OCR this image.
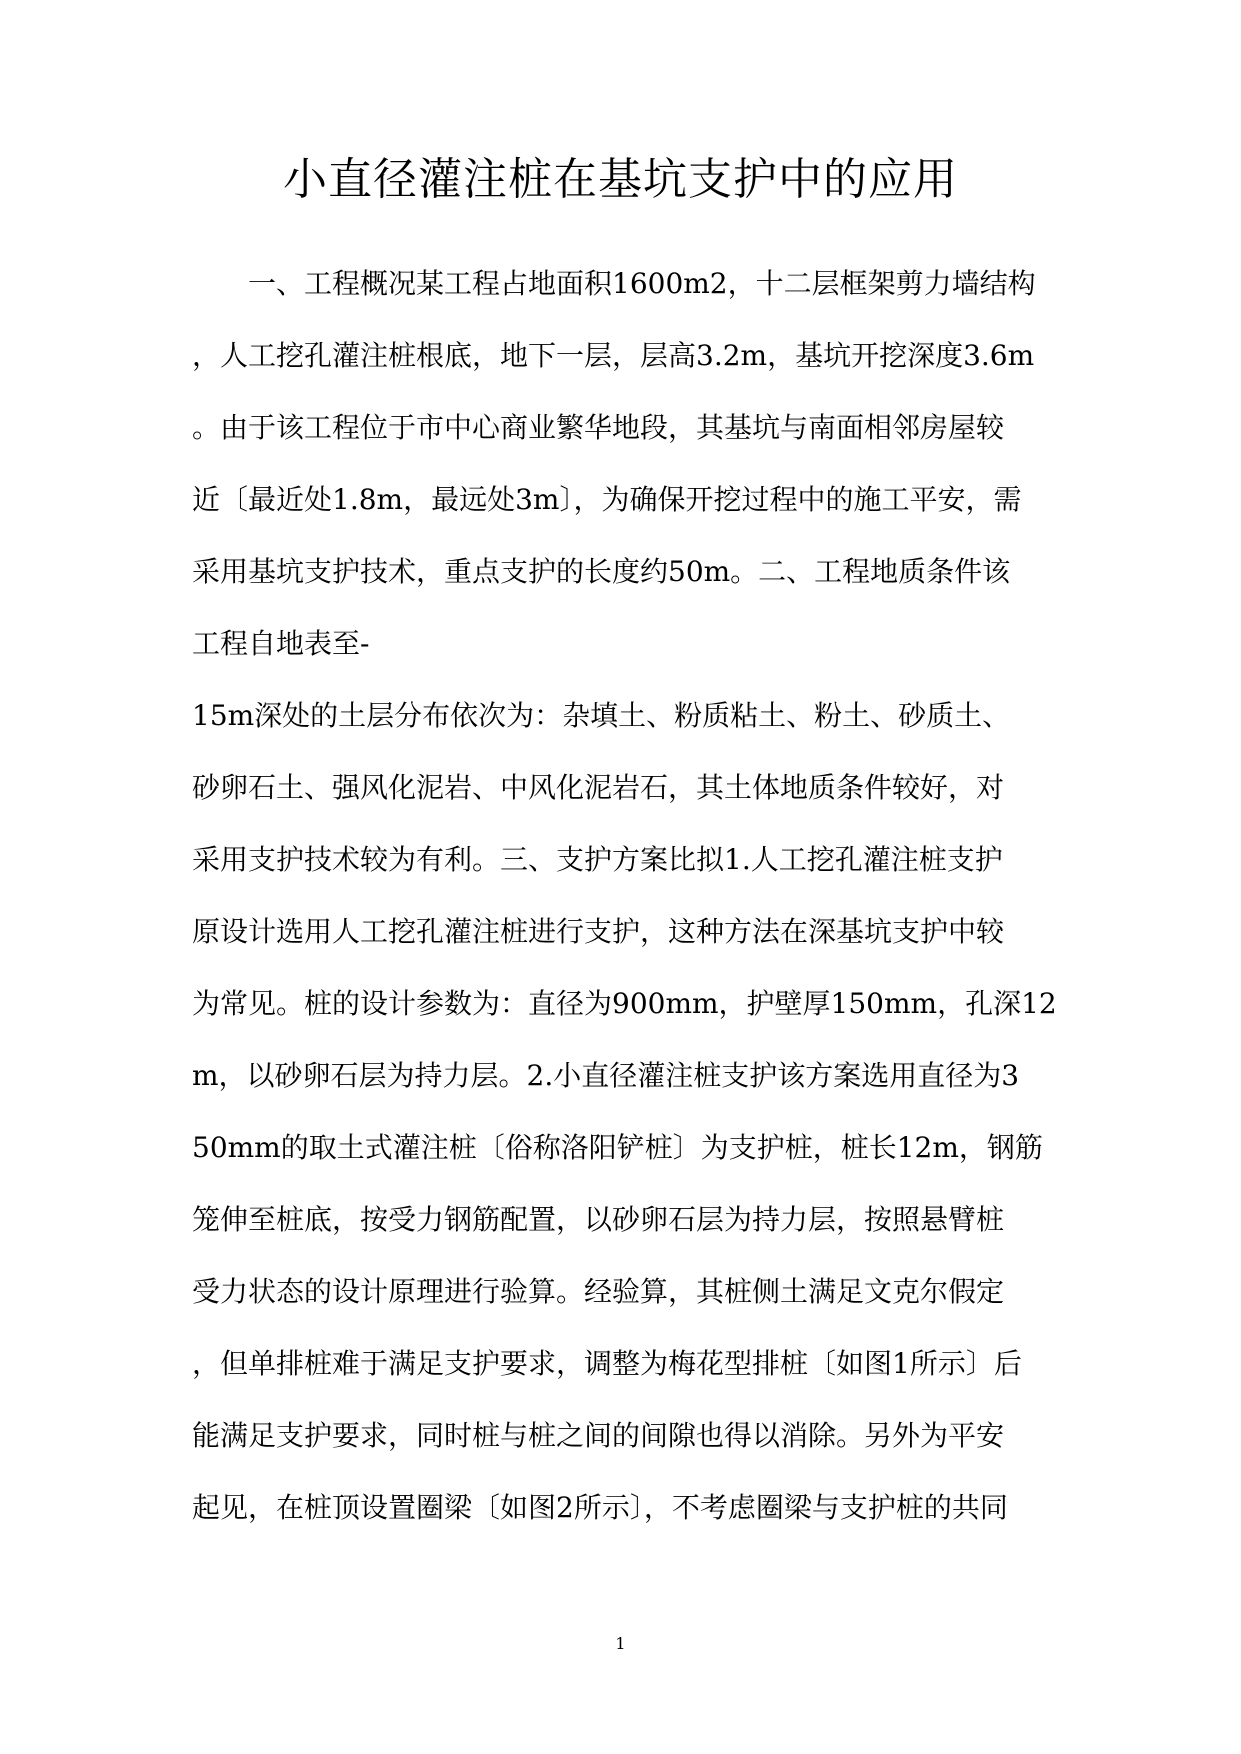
小直径灌注桩在基坑支护中的应用
一、工程概况某工程占地面积1600m2，十二层框架剪力墙结构
，人工挖孔灌注桩根底，地下一层，层高3.2m，基坑开挖深度3.6m
。由于该工程位于市中心商业繁华地段，其基坑与南面相邻房屋较
近〔最近处1.8m，最远处3m〕，为确保开挖过程中的施工平安，需
采用基坑支护技术，重点支护的长度约50m。二、工程地质条件该
工程自地表至-
15m深处的土层分布依次为：杂填土、粉质粘土、粉土、砂质土、
砂卵石土、强风化泥岩、中风化泥岩石，其土体地质条件较好，对
采用支护技术较为有利。三、支护方案比拟1.人工挖孔灌注桩支护
原设计选用人工挖孔灌注桩进行支护，这种方法在深基坑支护中较
为常见。桩的设计参数为：直径为900mm，护壁厚150mm，孔深12
m，以砂卵石层为持力层。2.小直径灌注桩支护该方案选用直径为3
50mm的取土式灌注桩〔俗称洛阳铲桩〕为支护桩，桩长12m，钢筋
笼伸至桩底，按受力钢筋配置，以砂卵石层为持力层，按照悬臂桩
受力状态的设计原理进行验算。经验算，其桩侧土满足文克尔假定
，但单排桩难于满足支护要求，调整为梅花型排桩〔如图1所示〕后
能满足支护要求，同时桩与桩之间的间隙也得以消除。另外为平安
起见，在桩顶设置圈梁〔如图2所示〕，不考虑圈梁与支护桩的共同
1
